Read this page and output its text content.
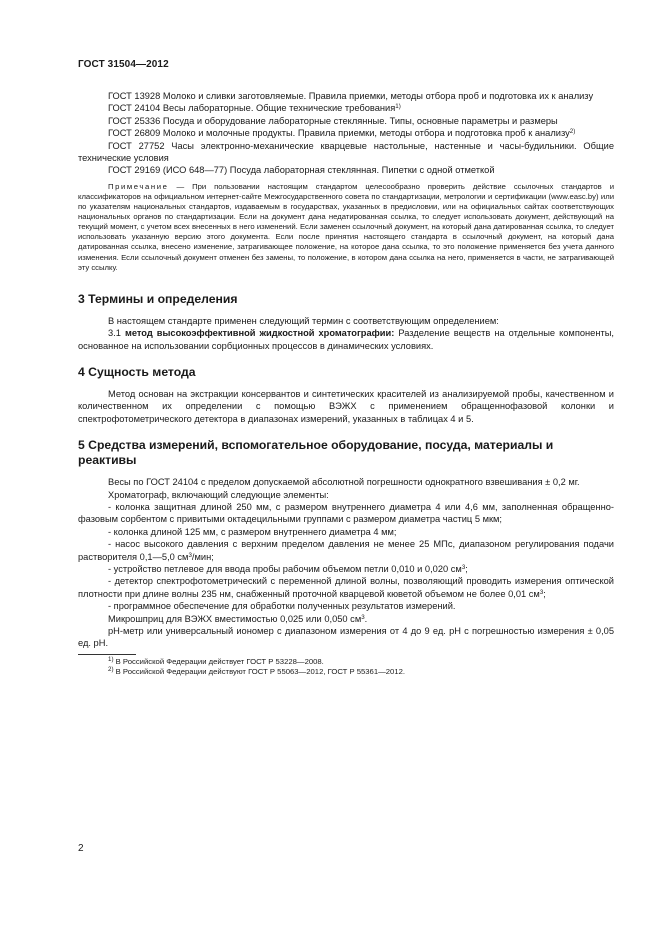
ГОСТ 31504—2012

ГОСТ 13928 Молоко и сливки заготовляемые. Правила приемки, методы отбора проб и подготовка их к анализу

ГОСТ 24104 Весы лабораторные. Общие технические требования$^{1)}$

ГОСТ 25336 Посуда и оборудование лабораторные стеклянные. Типы, основные параметры и размеры

ГОСТ 26809 Молоко и молочные продукты. Правила приемки, методы отбора и подготовка проб к анализу$^{2)}$

ГОСТ 27752 Часы электронно-механические кварцевые настольные, настенные и часы-будильники. Общие технические условия

ГОСТ 29169 (ИСО 648—77) Посуда лабораторная стеклянная. Пипетки с одной отметкой

Примечание — При пользовании настоящим стандартом целесообразно проверить действие ссылочных стандартов и классификаторов на официальном интернет-сайте Межгосударственного совета по стандартизации, метрологии и сертификации (www.easc.by) или по указателям национальных стандартов, издаваемым в государствах, указанных в предисловии, или на официальных сайтах соответствующих национальных органов по стандартизации. Если на документ дана недатированная ссылка, то следует использовать документ, действующий на текущий момент, с учетом всех внесенных в него изменений. Если заменен ссылочный документ, на который дана датированная ссылка, то следует использовать указанную версию этого документа. Если после принятия настоящего стандарта в ссылочный документ, на который дана датированная ссылка, внесено изменение, затрагивающее положение, на которое дана ссылка, то это положение применяется без учета данного изменения. Если ссылочный документ отменен без замены, то положение, в котором дана ссылка на него, применяется в части, не затрагивающей эту ссылку.

3 Термины и определения

В настоящем стандарте применен следующий термин с соответствующим определением:

3.1 метод высокоэффективной жидкостной хроматографии: Разделение веществ на отдельные компоненты, основанное на использовании сорбционных процессов в динамических условиях.

4 Сущность метода

Метод основан на экстракции консервантов и синтетических красителей из анализируемой пробы, качественном и количественном их определении с помощью ВЭЖХ с применением обращеннофазовой колонки и спектрофотометрического детектора в диапазонах измерений, указанных в таблицах 4 и 5.

5 Средства измерений, вспомогательное оборудование, посуда, материалы и реактивы

Весы по ГОСТ 24104 с пределом допускаемой абсолютной погрешности однократного взвешивания ± 0,2 мг.

Хроматограф, включающий следующие элементы:

- колонка защитная длиной 250 мм, с размером внутреннего диаметра 4 или 4,6 мм, заполненная обращеннофазовым сорбентом с привитыми октадецильными группами с размером диаметра частиц 5 мкм;

- колонка длиной 125 мм, с размером внутреннего диаметра 4 мм;

- насос высокого давления с верхним пределом давления не менее 25 МПс, диапазоном регулирования подачи растворителя 0,1—5,0 $см^3$/мин;

- устройство петлевое для ввода пробы рабочим объемом петли 0,010 и 0,020 $см^3$;

- детектор спектрофотометрический с переменной длиной волны, позволяющий проводить измерения оптической плотности при длине волны 235 нм, снабженный проточной кварцевой кюветой объемом не более 0,01 $см^3$;

- программное обеспечение для обработки полученных результатов измерений.

Микрошприц для ВЭЖХ вместимостью 0,025 или 0,050 $см^3$.

рН-метр или универсальный иономер с диапазоном измерения от 4 до 9 ед. pH с погрешностью измерения ± 0,05 ед. pH.

$^{1)}$ В Российской Федерации действует ГОСТ Р 53228—2008.

$^{2)}$ В Российской Федерации действуют ГОСТ Р 55063—2012, ГОСТ Р 55361—2012.

2
